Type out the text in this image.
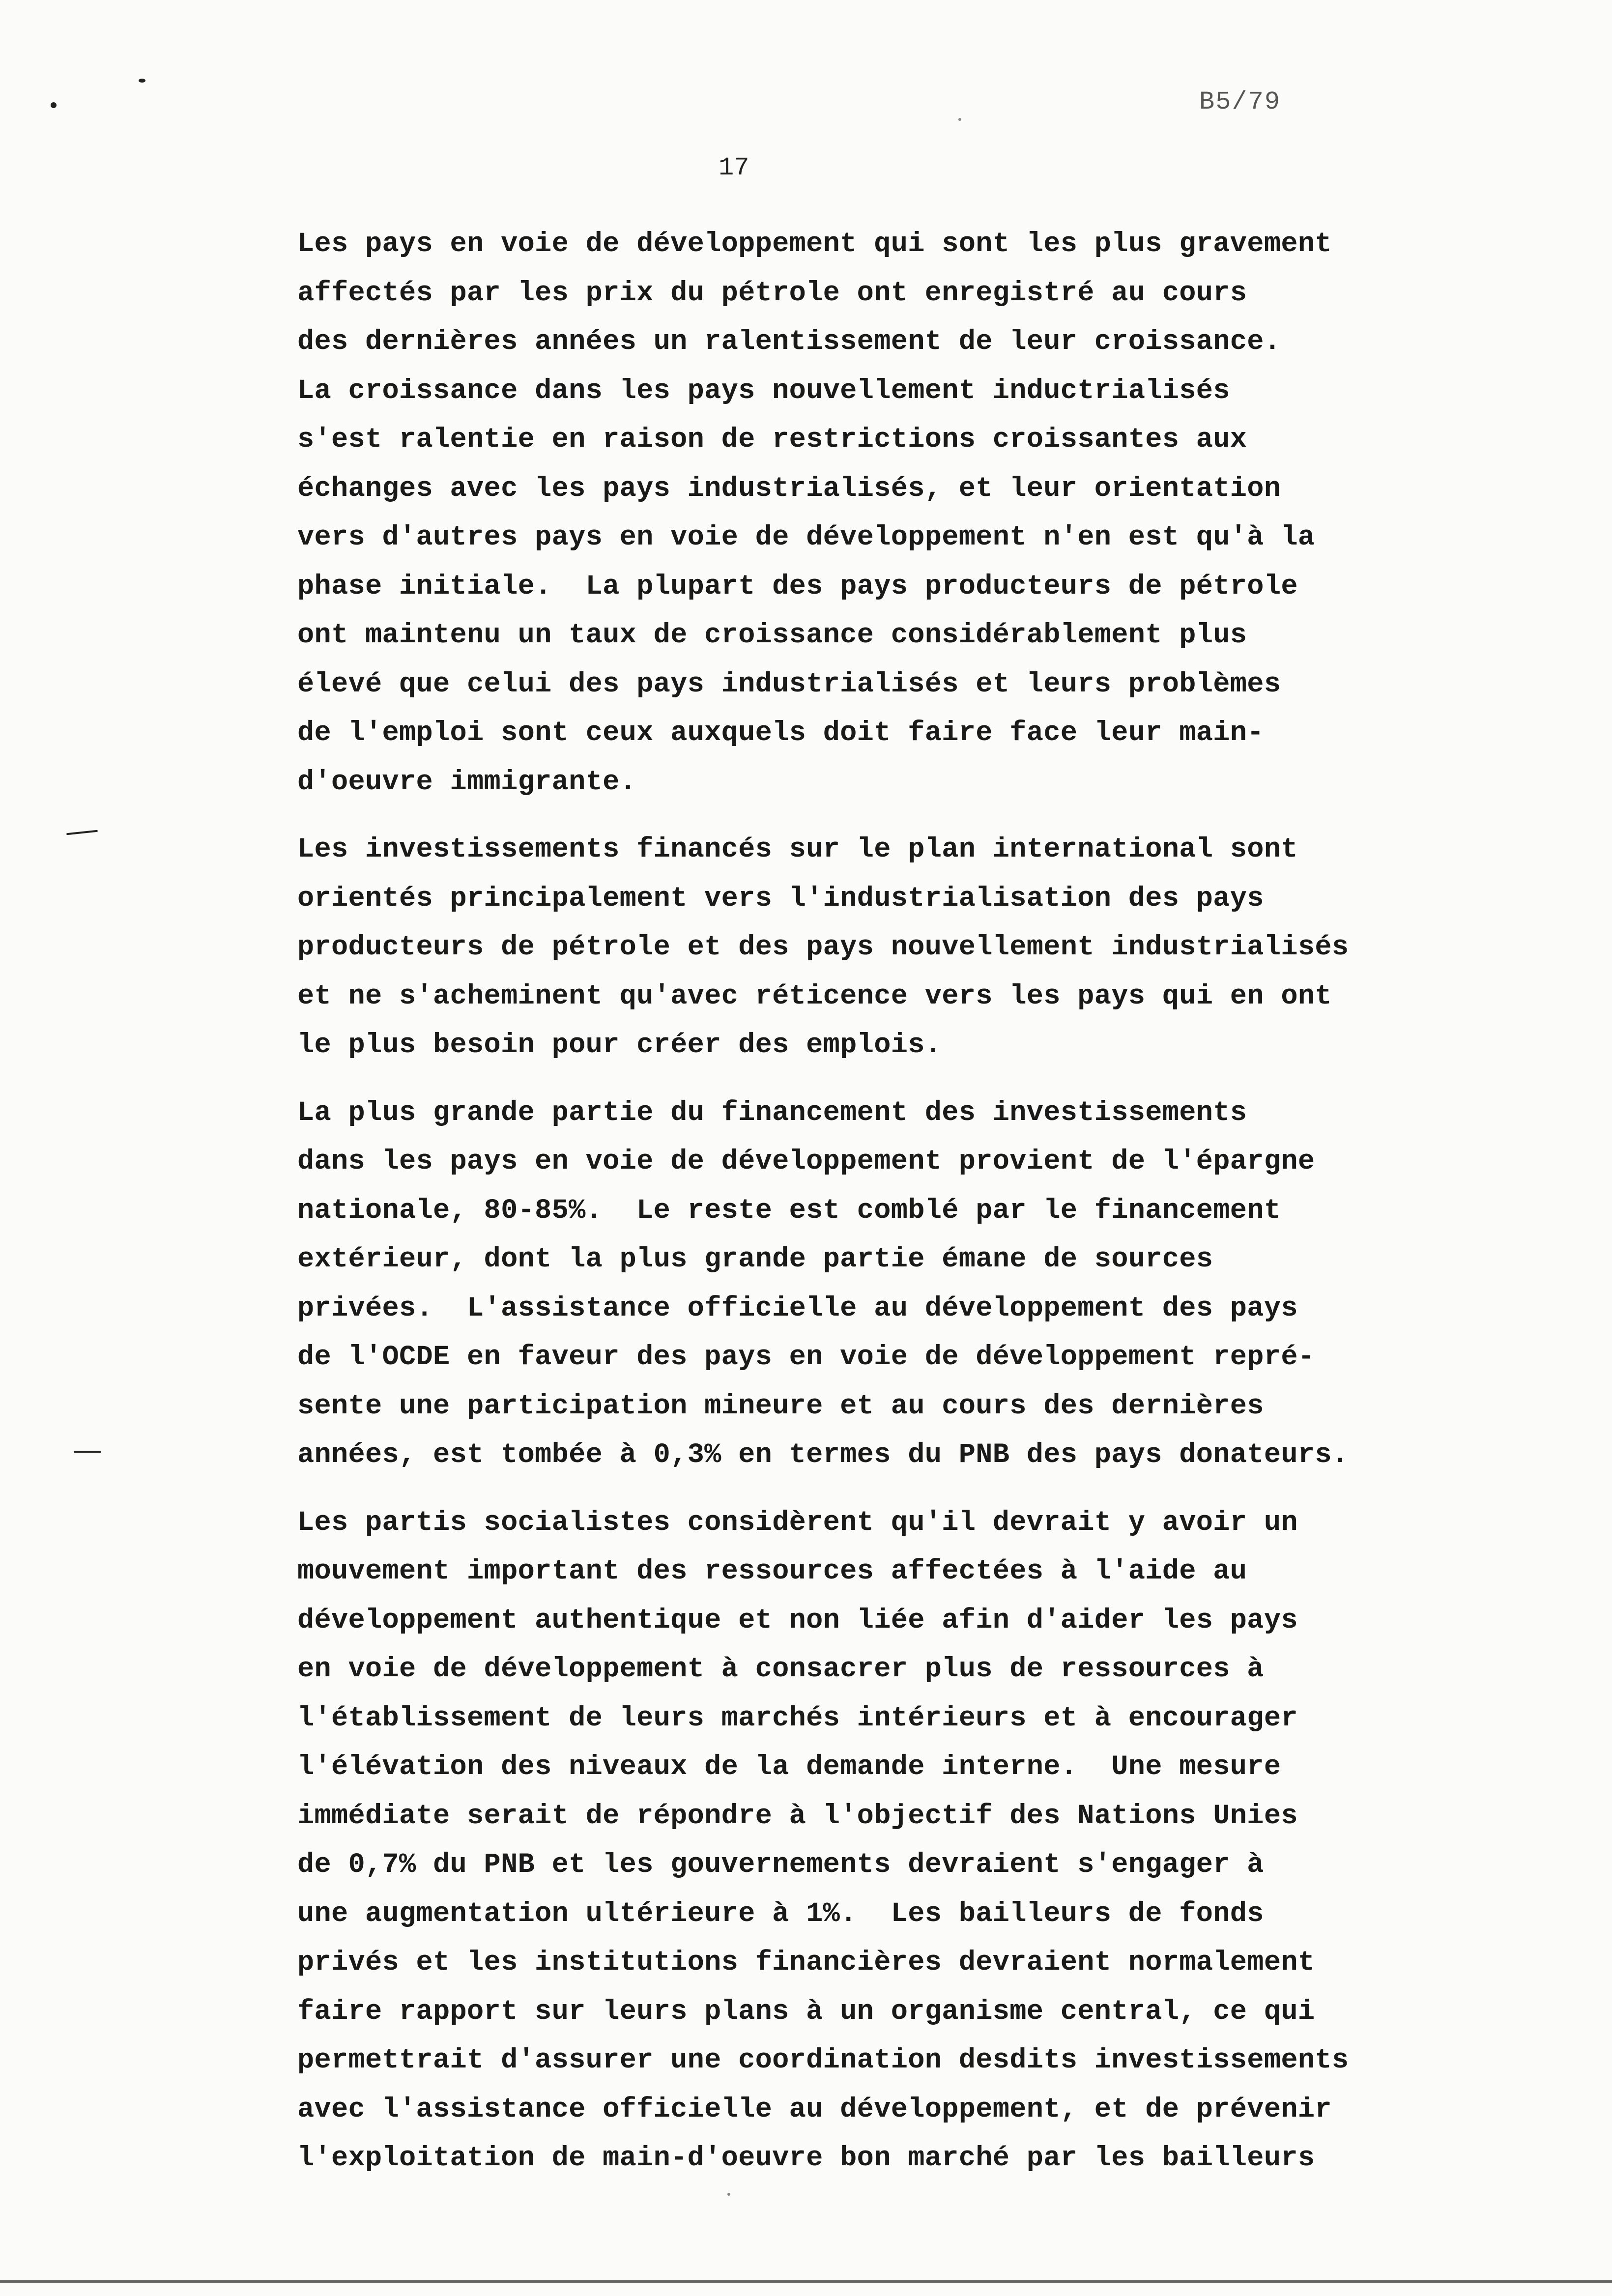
B5/79
17
Les pays en voie de développement qui sont les plus gravement
affectés par les prix du pétrole ont enregistré au cours
des dernières années un ralentissement de leur croissance.
La croissance dans les pays nouvellement inductrialisés
s'est ralentie en raison de restrictions croissantes aux
échanges avec les pays industrialisés, et leur orientation
vers d'autres pays en voie de développement n'en est qu'à la
phase initiale.  La plupart des pays producteurs de pétrole
ont maintenu un taux de croissance considérablement plus
élevé que celui des pays industrialisés et leurs problèmes
de l'emploi sont ceux auxquels doit faire face leur main-
d'oeuvre immigrante.
Les investissements financés sur le plan international sont
orientés principalement vers l'industrialisation des pays
producteurs de pétrole et des pays nouvellement industrialisés
et ne s'acheminent qu'avec réticence vers les pays qui en ont
le plus besoin pour créer des emplois.
La plus grande partie du financement des investissements
dans les pays en voie de développement provient de l'épargne
nationale, 80-85%.  Le reste est comblé par le financement
extérieur, dont la plus grande partie émane de sources
privées.  L'assistance officielle au développement des pays
de l'OCDE en faveur des pays en voie de développement repré-
sente une participation mineure et au cours des dernières
années, est tombée à 0,3% en termes du PNB des pays donateurs.
Les partis socialistes considèrent qu'il devrait y avoir un
mouvement important des ressources affectées à l'aide au
développement authentique et non liée afin d'aider les pays
en voie de développement à consacrer plus de ressources à
l'établissement de leurs marchés intérieurs et à encourager
l'élévation des niveaux de la demande interne.  Une mesure
immédiate serait de répondre à l'objectif des Nations Unies
de 0,7% du PNB et les gouvernements devraient s'engager à
une augmentation ultérieure à 1%.  Les bailleurs de fonds
privés et les institutions financières devraient normalement
faire rapport sur leurs plans à un organisme central, ce qui
permettrait d'assurer une coordination desdits investissements
avec l'assistance officielle au développement, et de prévenir
l'exploitation de main-d'oeuvre bon marché par les bailleurs
